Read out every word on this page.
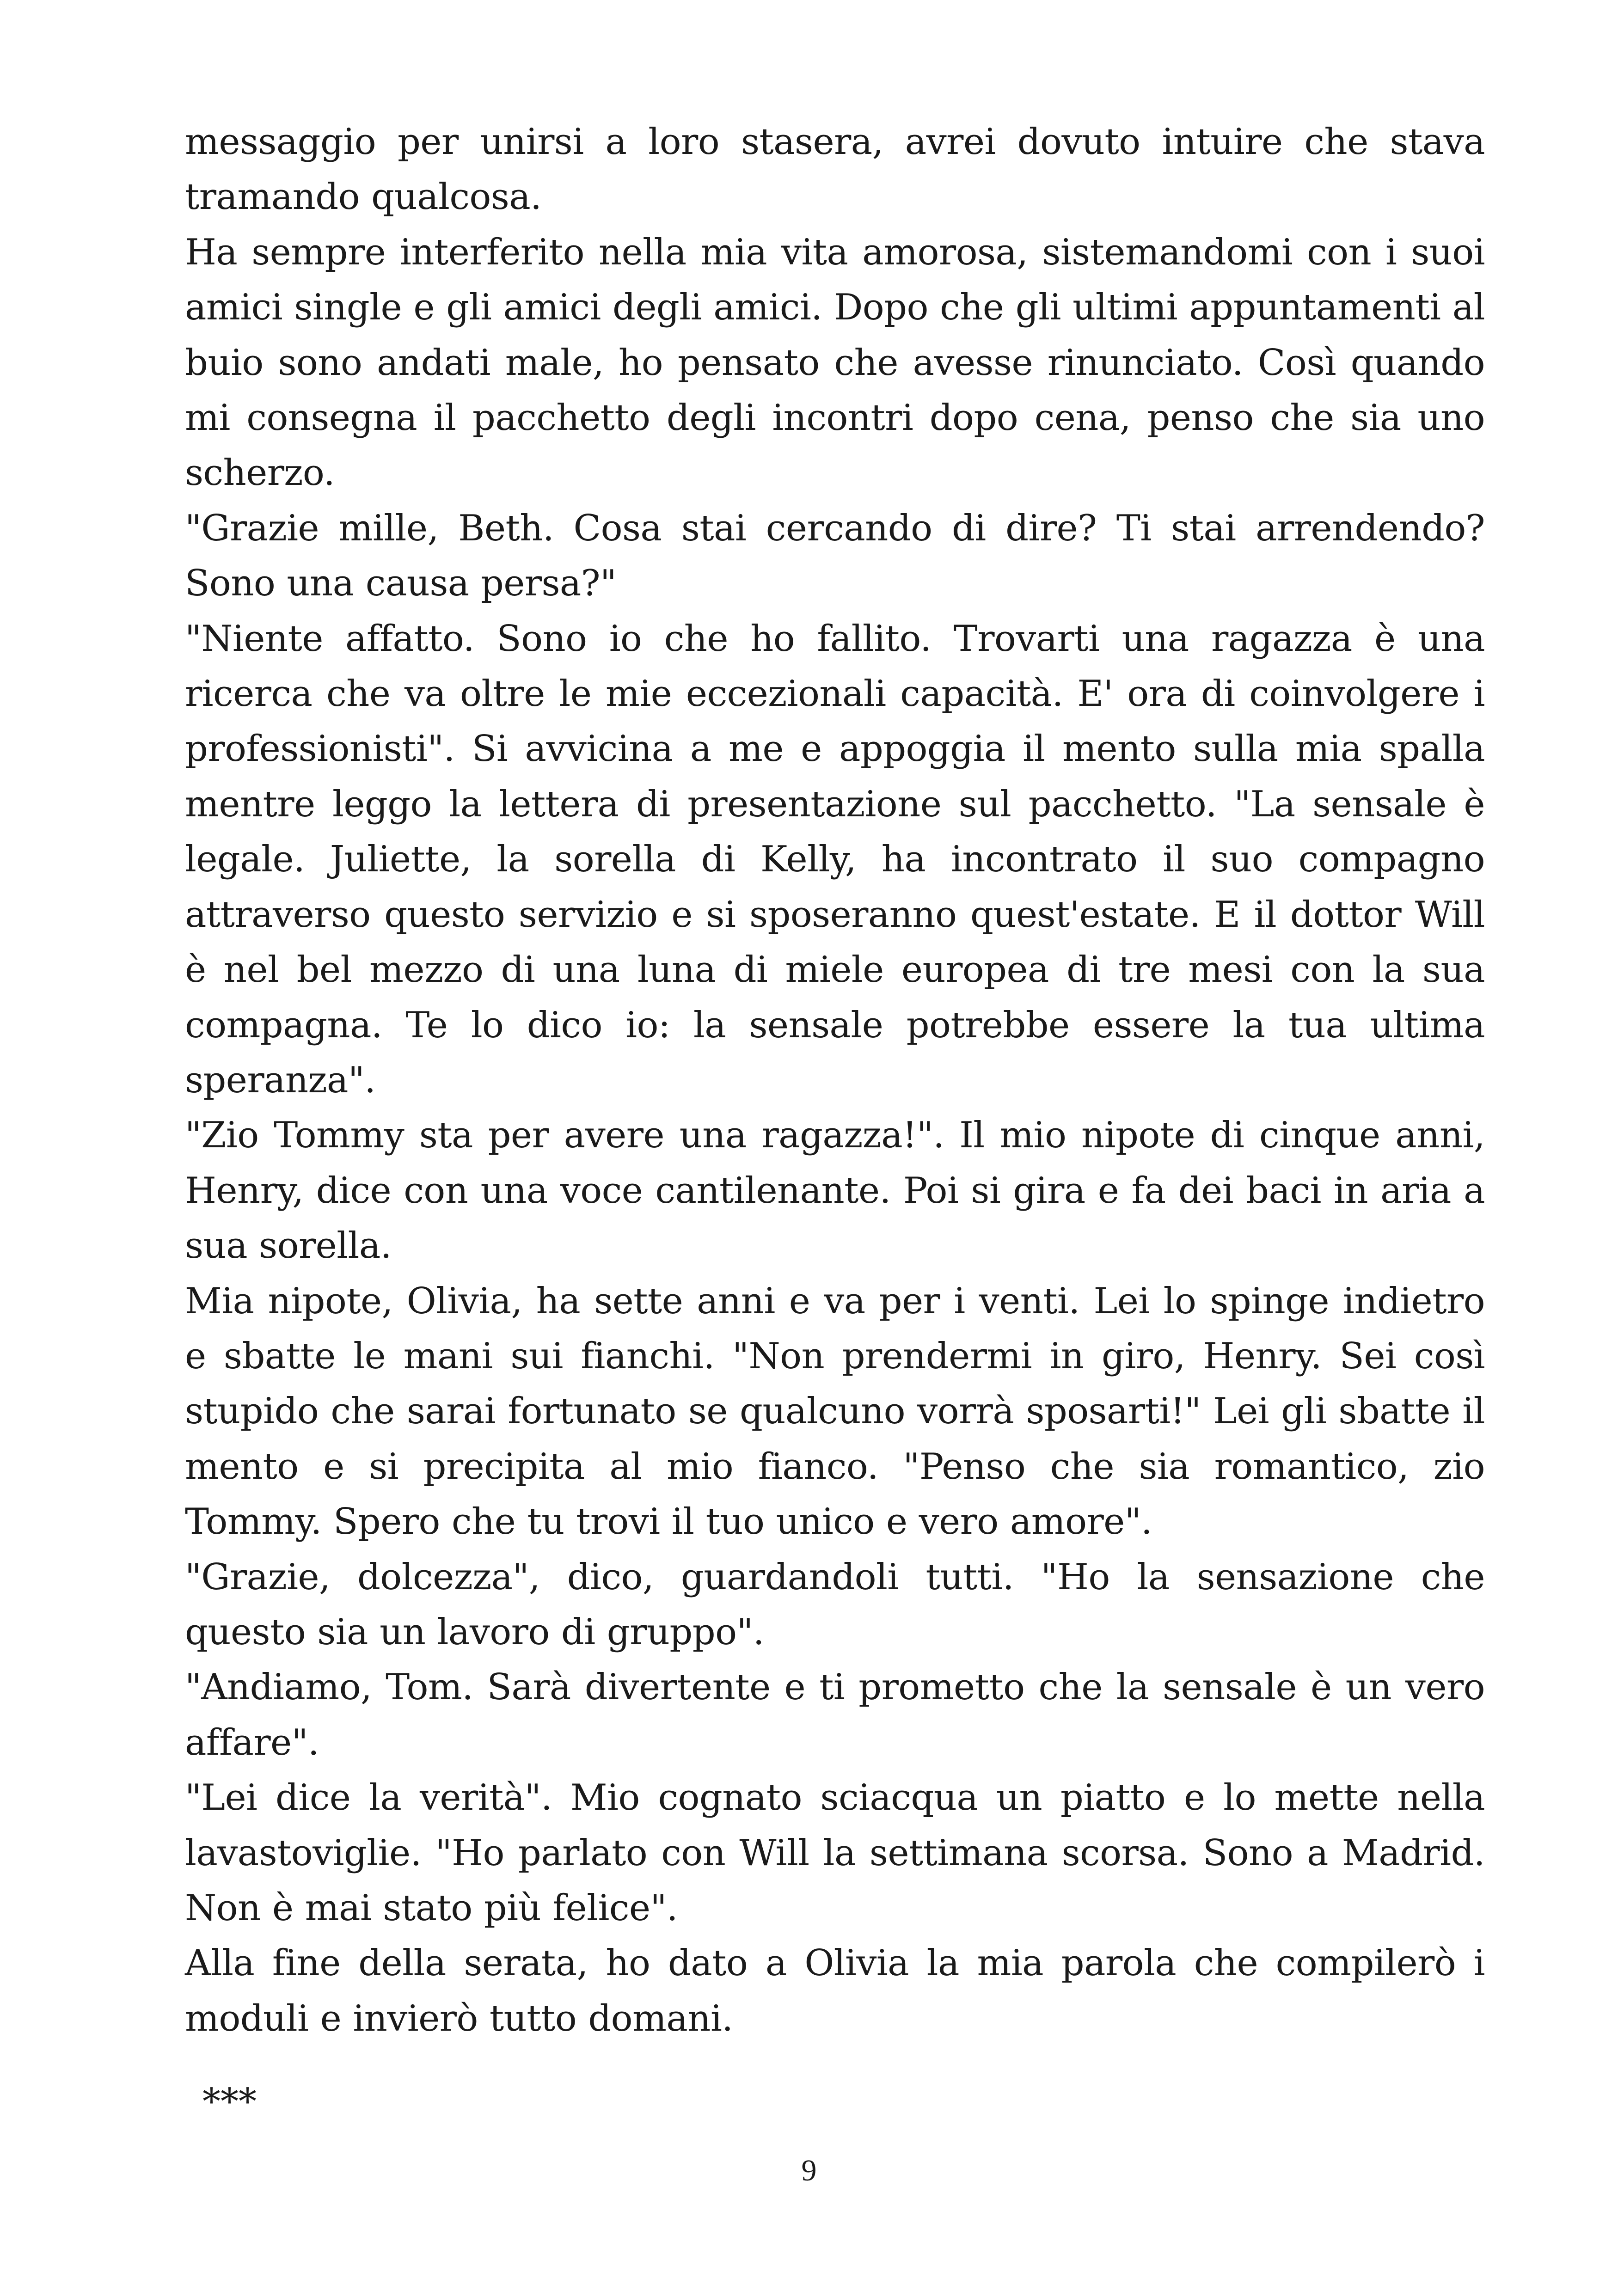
messaggio per unirsi a loro stasera, avrei dovuto intuire che stava tramando qualcosa.

Ha sempre interferito nella mia vita amorosa, sistemandomi con i suoi amici single e gli amici degli amici. Dopo che gli ultimi appuntamenti al buio sono andati male, ho pensato che avesse rinunciato. Così quando mi consegna il pacchetto degli incontri dopo cena, penso che sia uno scherzo.

"Grazie mille, Beth. Cosa stai cercando di dire? Ti stai arrendendo? Sono una causa persa?"

"Niente affatto. Sono io che ho fallito. Trovarti una ragazza è una ricerca che va oltre le mie eccezionali capacità. E' ora di coinvolgere i professionisti". Si avvicina a me e appoggia il mento sulla mia spalla mentre leggo la lettera di presentazione sul pacchetto. "La sensale è legale. Juliette, la sorella di Kelly, ha incontrato il suo compagno attraverso questo servizio e si sposeranno quest'estate. E il dottor Will è nel bel mezzo di una luna di miele europea di tre mesi con la sua compagna. Te lo dico io: la sensale potrebbe essere la tua ultima speranza".

"Zio Tommy sta per avere una ragazza!". Il mio nipote di cinque anni, Henry, dice con una voce cantilenante. Poi si gira e fa dei baci in aria a sua sorella.

Mia nipote, Olivia, ha sette anni e va per i venti. Lei lo spinge indietro e sbatte le mani sui fianchi. "Non prendermi in giro, Henry. Sei così stupido che sarai fortunato se qualcuno vorrà sposarti!" Lei gli sbatte il mento e si precipita al mio fianco. "Penso che sia romantico, zio Tommy. Spero che tu trovi il tuo unico e vero amore".

"Grazie, dolcezza", dico, guardandoli tutti. "Ho la sensazione che questo sia un lavoro di gruppo".

"Andiamo, Tom. Sarà divertente e ti prometto che la sensale è un vero affare".

"Lei dice la verità". Mio cognato sciacqua un piatto e lo mette nella lavastoviglie. "Ho parlato con Will la settimana scorsa. Sono a Madrid. Non è mai stato più felice".

Alla fine della serata, ho dato a Olivia la mia parola che compilerò i moduli e invierò tutto domani.

***
9
